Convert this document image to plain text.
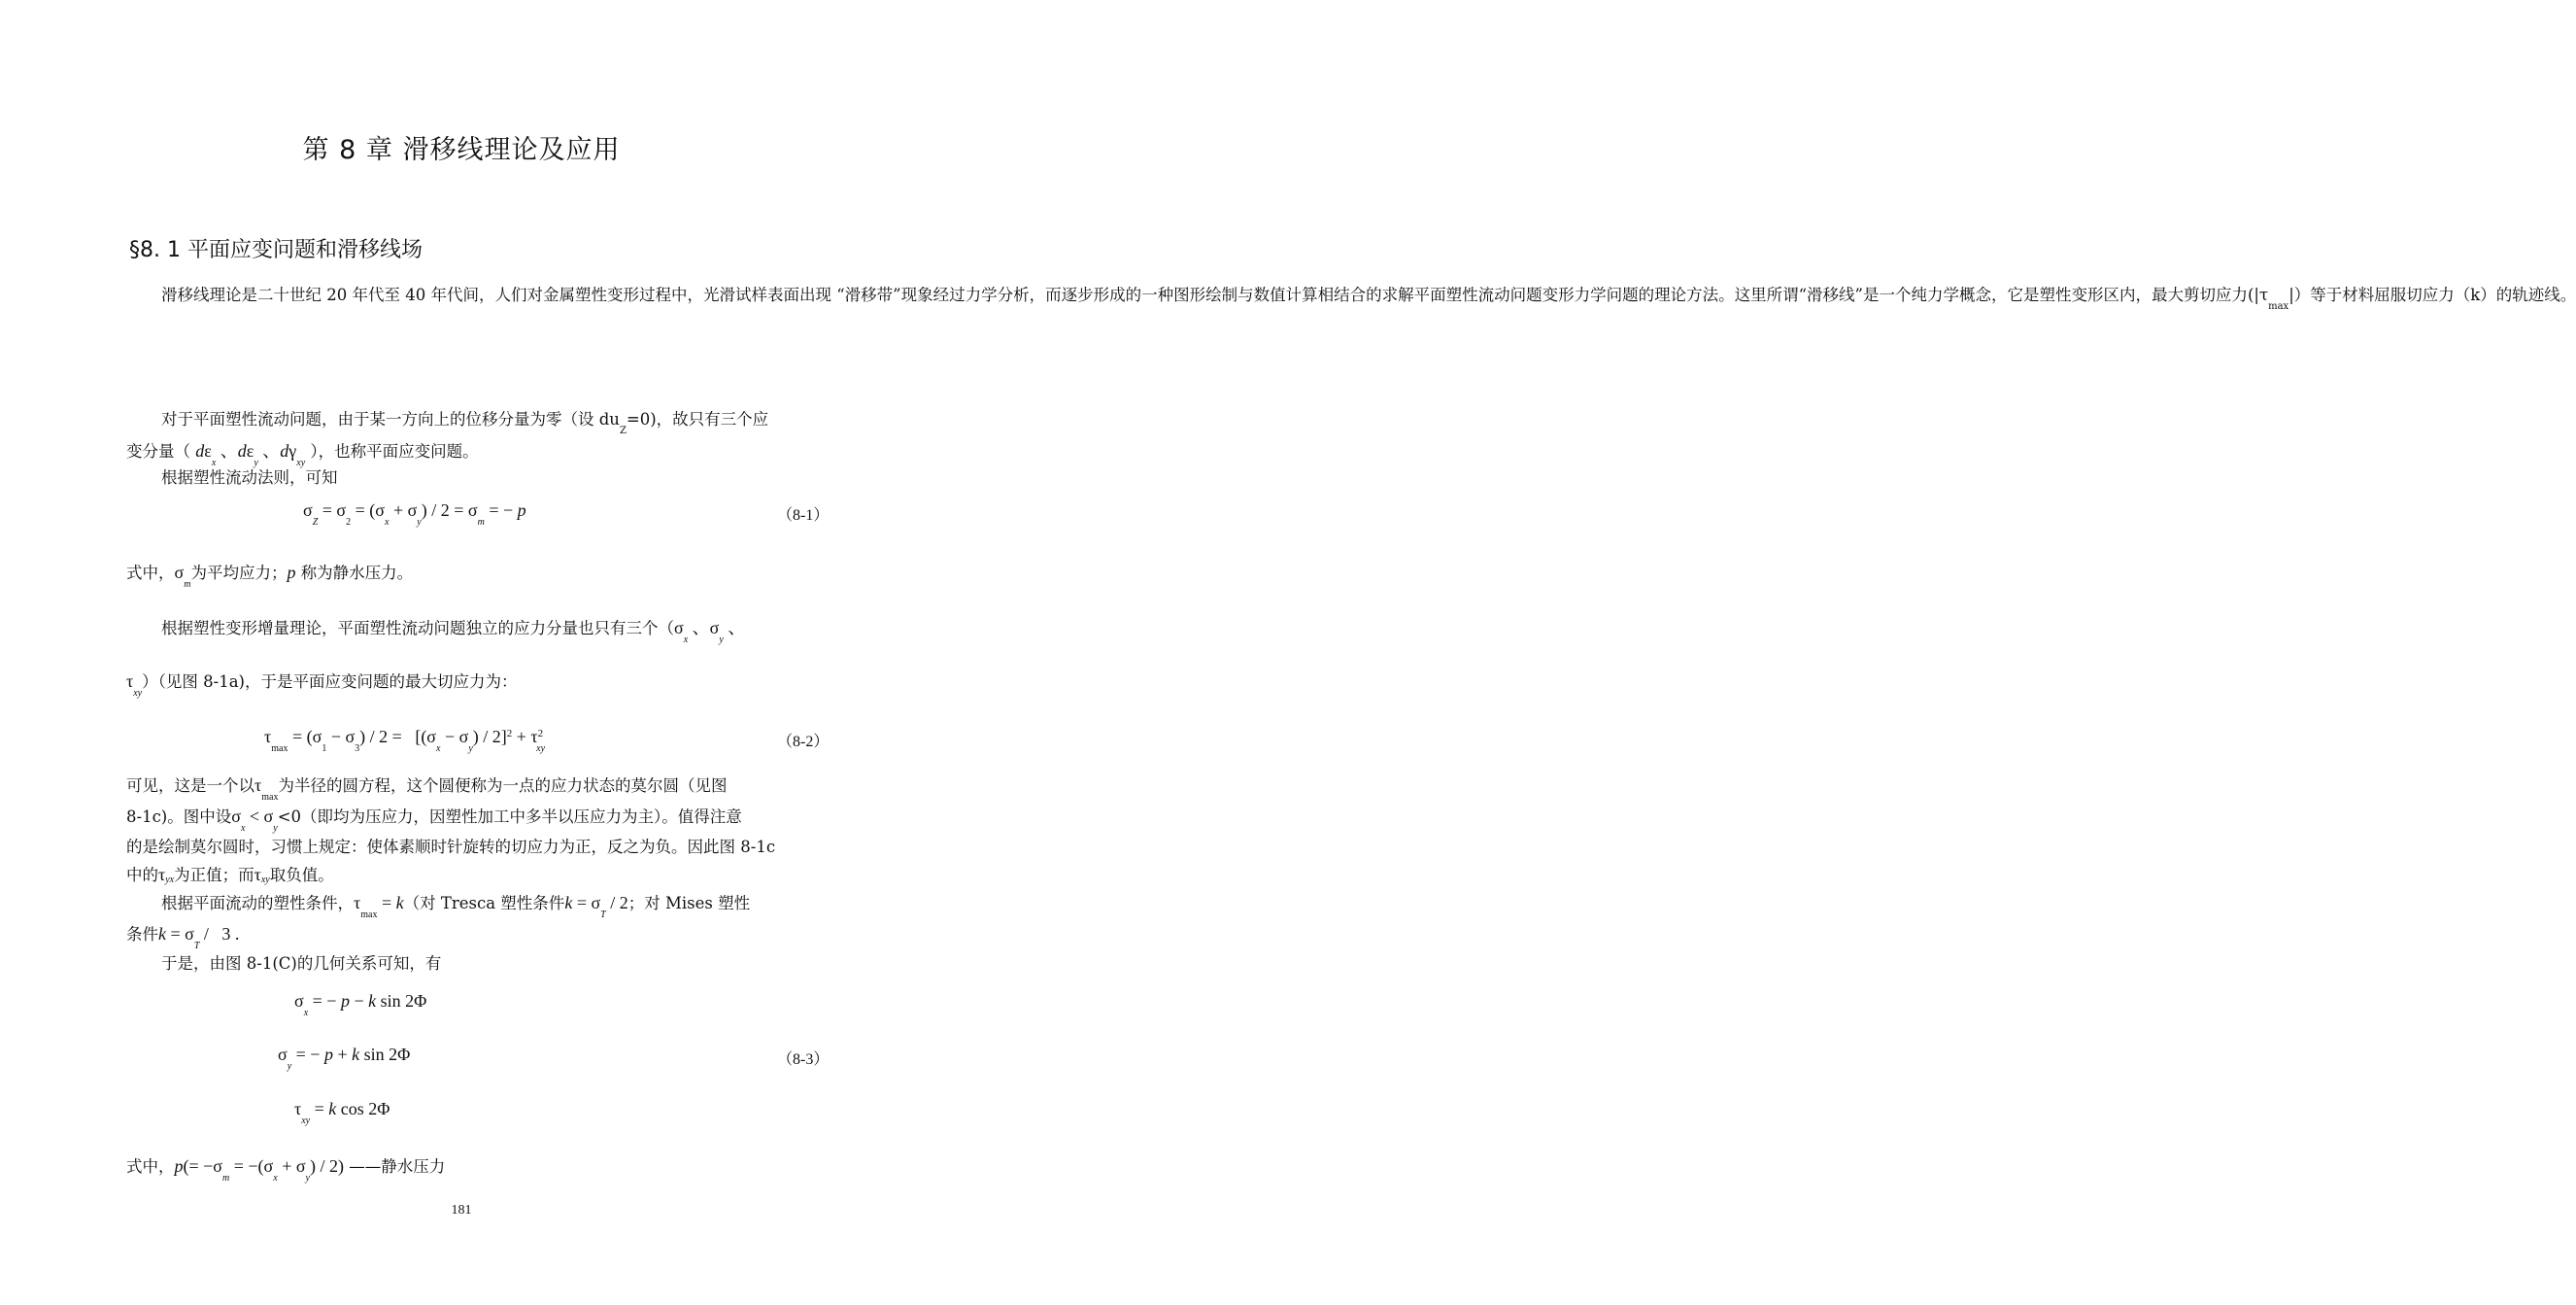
第 8 章 滑移线理论及应用
§8. 1 平面应变问题和滑移线场
滑移线理论是二十世纪 20 年代至 40 年代间，人们对金属塑性变形过程中，光滑试样表面出现 “滑移带”现象经过力学分析，而逐步形成的一种图形绘制与数值计算相结合的求解平面塑性流动问题变形力学问题的理论方法。这里所谓“滑移线”是一个纯力学概念，它是塑性变形区内，最大剪切应力$(|\tau_{max}|)$等于材料屈服切应力（k）的轨迹线。
对于平面塑性流动问题，由于某一方向上的位移分量为零（设 $du_Z=0$)，故只有三个应
变分量（ $d\varepsilon_x$ 、$d\varepsilon_y$ 、$d\gamma_{xy}$ ），也称平面应变问题。
根据塑性流动法则，可知
$\sigma_Z = \sigma_2 = (\sigma_x + \sigma_y) / 2 = \sigma_m$ = − p	（8-1）
式中，$\sigma_m$为平均应力；p 称为静水压力。
根据塑性变形增量理论，平面塑性流动问题独立的应力分量也只有三个（$\sigma_x$ 、$\sigma_y$ 、
$\tau_{xy}$）（见图 8-1a)，于是平面应变问题的最大切应力为：
$\tau_{max} = (\sigma_1 - \sigma_3) / 2 = [(\sigma_x - \sigma_y) / 2]^2 + \tau^2_{xy}$	（8-2）
可见，这是一个以$\tau_{max}$为半径的圆方程，这个圆便称为一点的应力状态的莫尔圆（见图
8-1c)。图中设$\sigma_x < \sigma_y<0$（即均为压应力，因塑性加工中多半以压应力为主）。值得注意
的是绘制莫尔圆时，习惯上规定：使体素顺时针旋转的切应力为正，反之为负。因此图 8-1c
中的τyx为正值；而τxy取负值。
根据平面流动的塑性条件，$\tau_{max} = k$（对 Tresca 塑性条件$k = \sigma_T / 2$；对 Mises 塑性
条件$k = \sigma_T / 3$ .
于是，由图 8-1(C)的几何关系可知，有
$\sigma_x$ = − p − k sin 2Φ
$\sigma_y$ = − p + k sin 2Φ	（8-3）
$\tau_{xy} = k$ cos 2Φ
式中，$p(= -\sigma_m = -(\sigma_x + \sigma_y) / 2)$ ——静水压力
181
